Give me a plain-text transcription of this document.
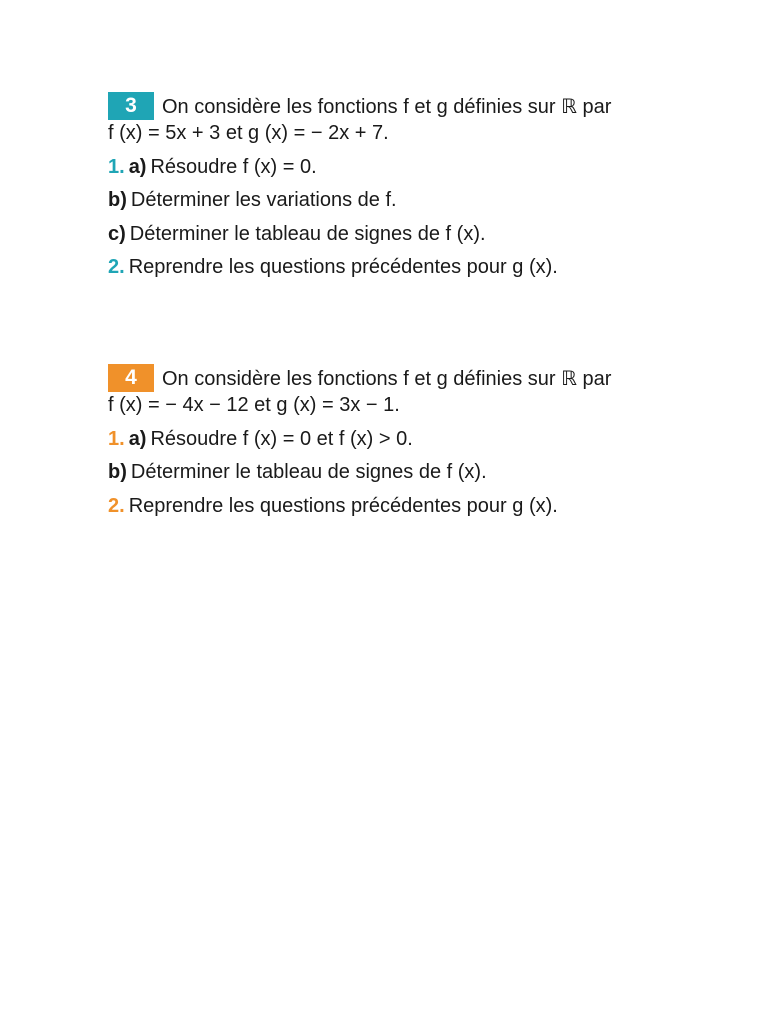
3 On considère les fonctions f et g définies sur ℝ par
f (x) = 5x + 3 et g (x) = − 2x + 7.
1. a) Résoudre f (x) = 0.
b) Déterminer les variations de f.
c) Déterminer le tableau de signes de f (x).
2. Reprendre les questions précédentes pour g (x).
4 On considère les fonctions f et g définies sur ℝ par
f (x) = − 4x − 12 et g (x) = 3x − 1.
1. a) Résoudre f (x) = 0 et f (x) > 0.
b) Déterminer le tableau de signes de f (x).
2. Reprendre les questions précédentes pour g (x).
